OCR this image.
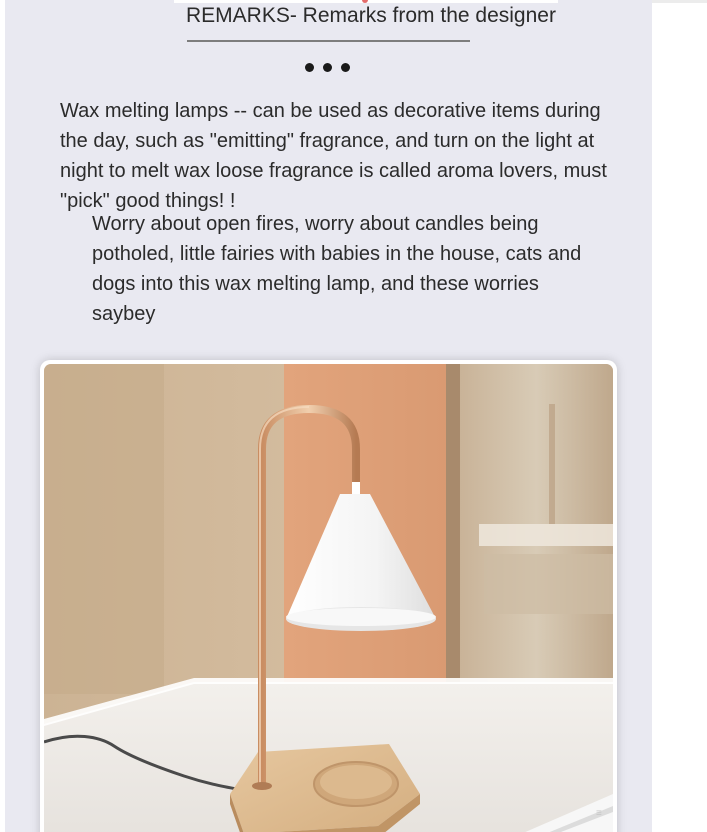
REMARKS- Remarks from the designer
Wax melting lamps -- can be used as decorative items during the day, such as "emitting" fragrance, and turn on the light at night to melt wax loose fragrance is called aroma lovers, must "pick" good things! !
Worry about open fires, worry about candles being potholed, little fairies with babies in the house, cats and dogs into this wax melting lamp, and these worries saybey
≡
